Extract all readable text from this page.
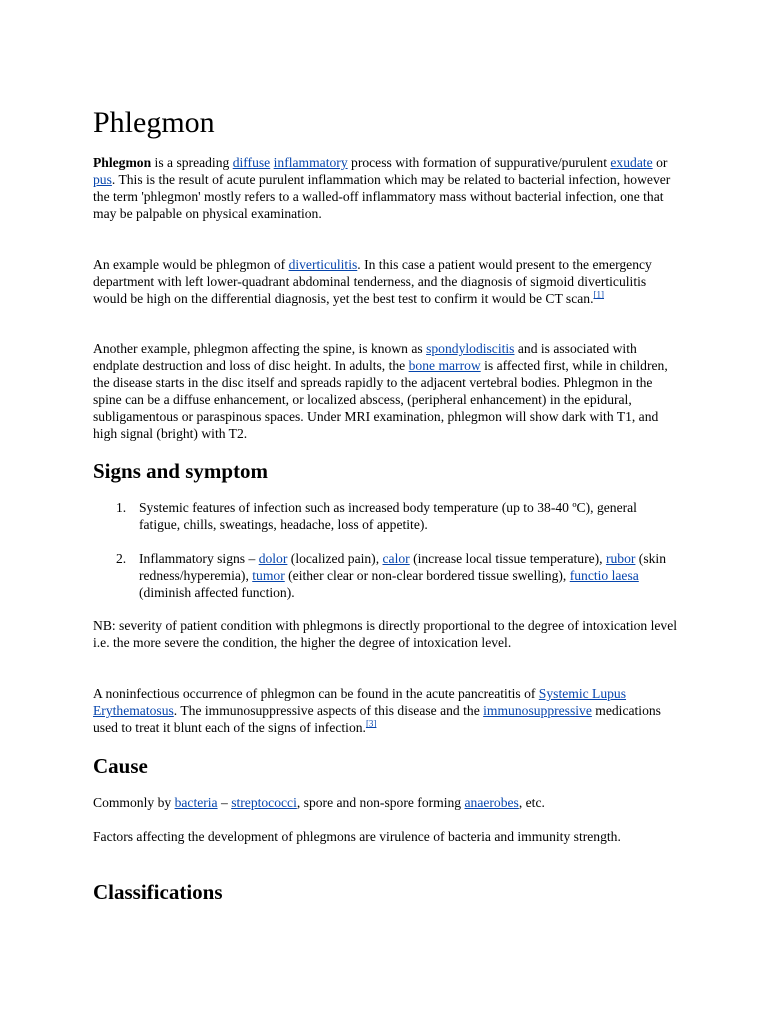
Phlegmon

Phlegmon is a spreading diffuse inflammatory process with formation of suppurative/purulent exudate or pus. This is the result of acute purulent inflammation which may be related to bacterial infection, however the term 'phlegmon' mostly refers to a walled-off inflammatory mass without bacterial infection, one that may be palpable on physical examination.

An example would be phlegmon of diverticulitis. In this case a patient would present to the emergency department with left lower-quadrant abdominal tenderness, and the diagnosis of sigmoid diverticulitis would be high on the differential diagnosis, yet the best test to confirm it would be CT scan.[1]

Another example, phlegmon affecting the spine, is known as spondylodiscitis and is associated with endplate destruction and loss of disc height. In adults, the bone marrow is affected first, while in children, the disease starts in the disc itself and spreads rapidly to the adjacent vertebral bodies. Phlegmon in the spine can be a diffuse enhancement, or localized abscess, (peripheral enhancement) in the epidural, subligamentous or paraspinous spaces. Under MRI examination, phlegmon will show dark with T1, and high signal (bright) with T2.

Signs and symptom
1. Systemic features of infection such as increased body temperature (up to 38-40 ºC), general fatigue, chills, sweatings, headache, loss of appetite).
2. Inflammatory signs – dolor (localized pain), calor (increase local tissue temperature), rubor (skin redness/hyperemia), tumor (either clear or non-clear bordered tissue swelling), functio laesa (diminish affected function).

NB: severity of patient condition with phlegmons is directly proportional to the degree of intoxication level i.e. the more severe the condition, the higher the degree of intoxication level.

A noninfectious occurrence of phlegmon can be found in the acute pancreatitis of Systemic Lupus Erythematosus. The immunosuppressive aspects of this disease and the immunosuppressive medications used to treat it blunt each of the signs of infection.[3]

Cause

Commonly by bacteria – streptococci, spore and non-spore forming anaerobes, etc.

Factors affecting the development of phlegmons are virulence of bacteria and immunity strength.

Classifications
